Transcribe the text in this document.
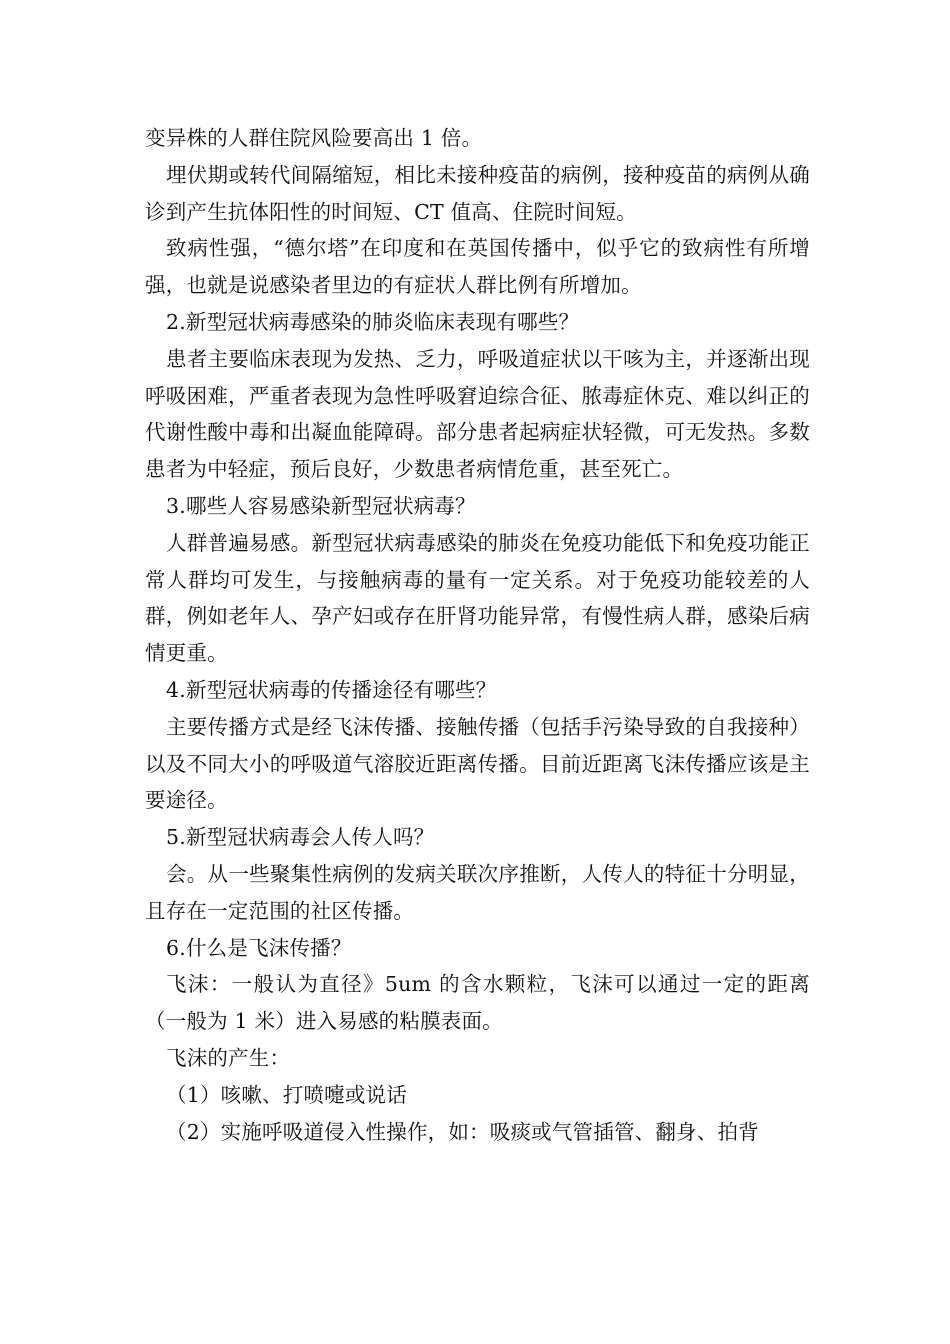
变异株的人群住院风险要高出 1 倍。

埋伏期或转代间隔缩短，相比未接种疫苗的病例，接种疫苗的病例从确诊到产生抗体阳性的时间短、CT 值高、住院时间短。

致病性强，“德尔塔”在印度和在英国传播中，似乎它的致病性有所增强，也就是说感染者里边的有症状人群比例有所增加。

2.新型冠状病毒感染的肺炎临床表现有哪些？

患者主要临床表现为发热、乏力，呼吸道症状以干咳为主，并逐渐出现呼吸困难，严重者表现为急性呼吸窘迫综合征、脓毒症休克、难以纠正的代谢性酸中毒和出凝血能障碍。部分患者起病症状轻微，可无发热。多数患者为中轻症，预后良好，少数患者病情危重，甚至死亡。

3.哪些人容易感染新型冠状病毒？

人群普遍易感。新型冠状病毒感染的肺炎在免疫功能低下和免疫功能正常人群均可发生，与接触病毒的量有一定关系。对于免疫功能较差的人群，例如老年人、孕产妇或存在肝肾功能异常，有慢性病人群，感染后病情更重。

4.新型冠状病毒的传播途径有哪些？

主要传播方式是经飞沫传播、接触传播（包括手污染导致的自我接种）以及不同大小的呼吸道气溶胶近距离传播。目前近距离飞沫传播应该是主要途径。

5.新型冠状病毒会人传人吗？

会。从一些聚集性病例的发病关联次序推断，人传人的特征十分明显，且存在一定范围的社区传播。

6.什么是飞沫传播？

飞沫：一般认为直径》5um 的含水颗粒，飞沫可以通过一定的距离（一般为 1 米）进入易感的粘膜表面。

飞沫的产生：

（1）咳嗽、打喷嚏或说话

（2）实施呼吸道侵入性操作，如：吸痰或气管插管、翻身、拍背
